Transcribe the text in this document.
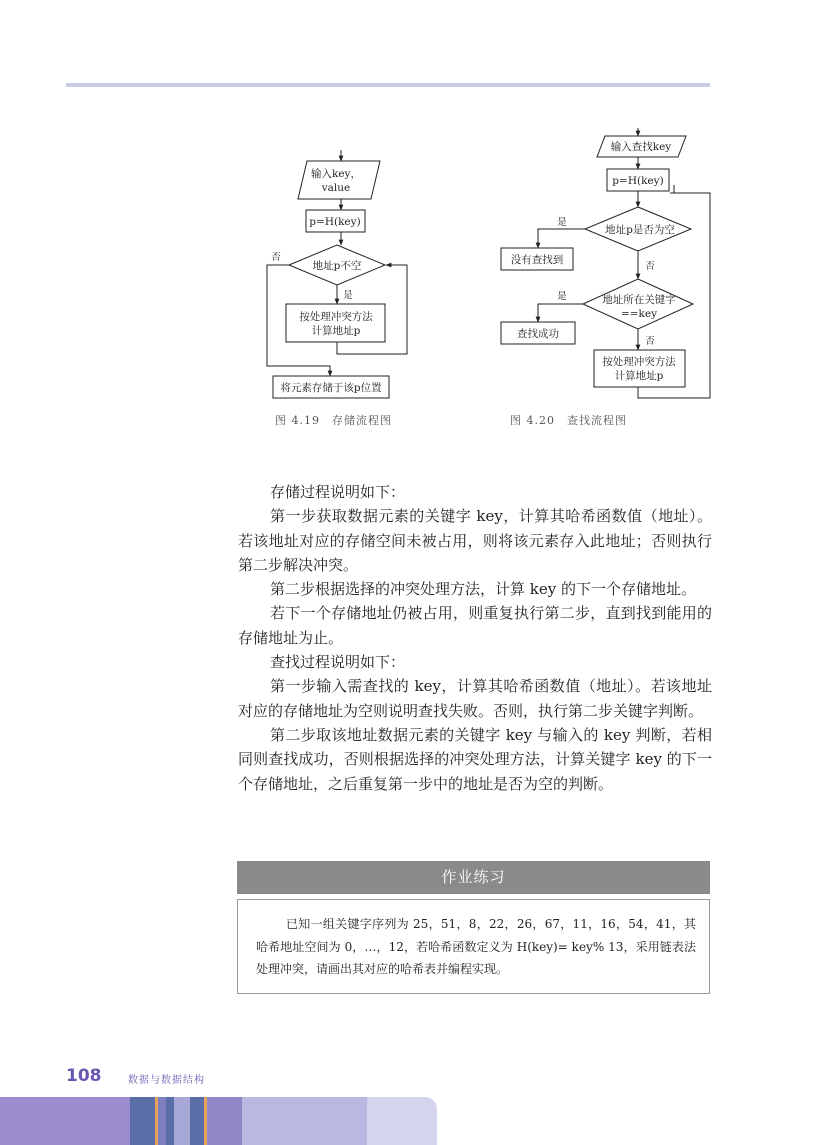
输入key，
value
p=H(key)
地址p不空
否
是
按处理冲突方法
计算地址p
将元素存储于该p位置
图 4.19　存储流程图
输入查找key
p=H(key)
地址p是否为空
是
否
没有查找到
地址所在关键字
==key
是
否
查找成功
按处理冲突方法
计算地址p
图 4.20　查找流程图

存储过程说明如下：

第一步获取数据元素的关键字 key，计算其哈希函数值（地址）。若该地址对应的存储空间未被占用，则将该元素存入此地址；否则执行第二步解决冲突。

第二步根据选择的冲突处理方法，计算 key 的下一个存储地址。

若下一个存储地址仍被占用，则重复执行第二步，直到找到能用的存储地址为止。

查找过程说明如下：

第一步输入需查找的 key，计算其哈希函数值（地址）。若该地址对应的存储地址为空则说明查找失败。否则，执行第二步关键字判断。

第二步取该地址数据元素的关键字 key 与输入的 key 判断，若相同则查找成功，否则根据选择的冲突处理方法，计算关键字 key 的下一个存储地址，之后重复第一步中的地址是否为空的判断。

作业练习

已知一组关键字序列为 25，51，8，22，26，67，11，16，54，41，其哈希地址空间为 0，…，12，若哈希函数定义为 H(key)= key% 13，采用链表法处理冲突，请画出其对应的哈希表并编程实现。

108	数据与数据结构
